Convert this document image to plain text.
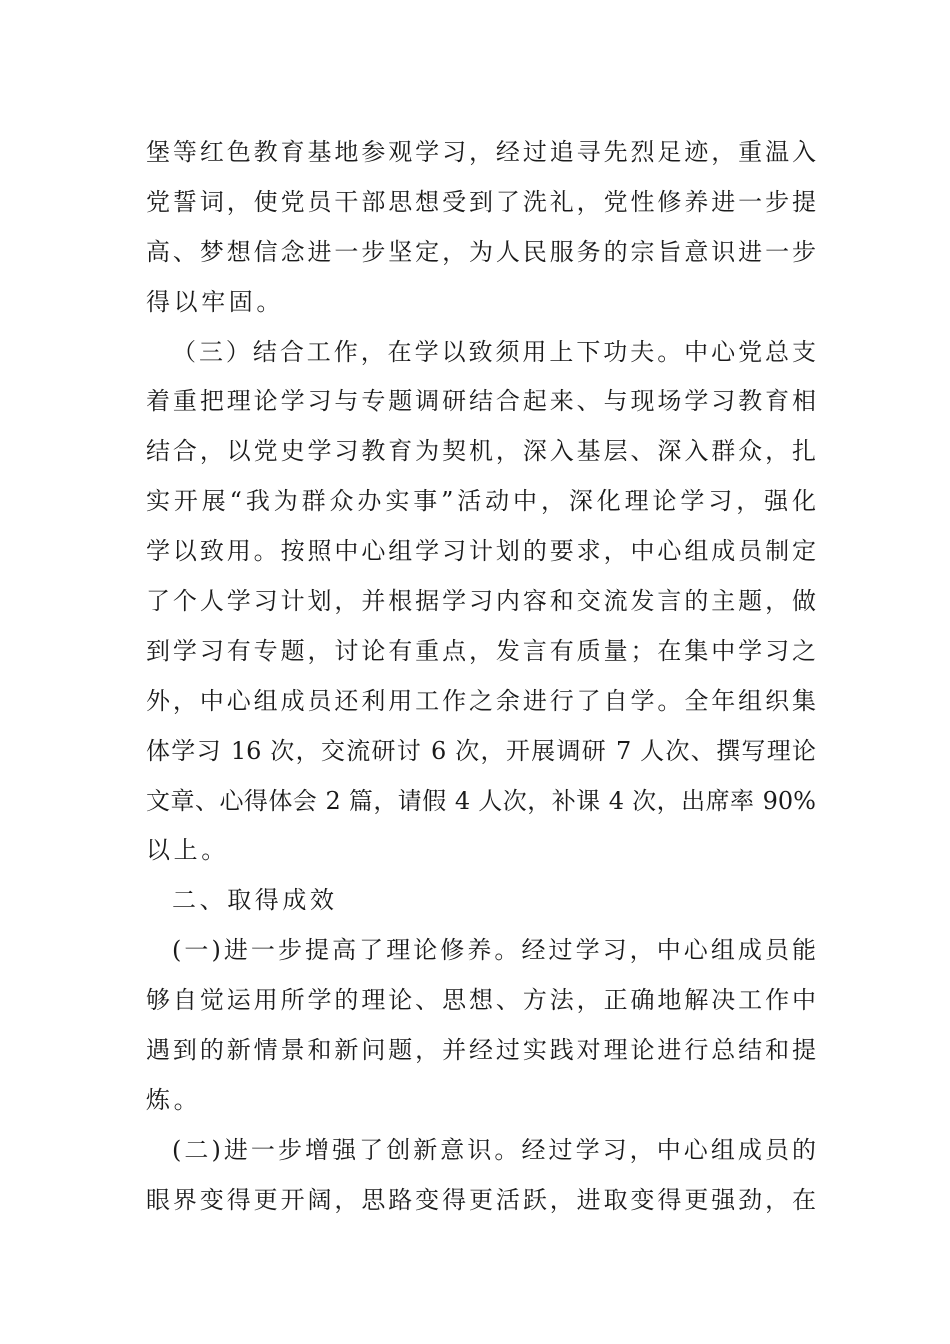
堡等红色教育基地参观学习，经过追寻先烈足迹，重温入
党誓词，使党员干部思想受到了洗礼，党性修养进一步提
高、梦想信念进一步坚定，为人民服务的宗旨意识进一步
得以牢固。
（三）结合工作，在学以致须用上下功夫。中心党总支
着重把理论学习与专题调研结合起来、与现场学习教育相
结合，以党史学习教育为契机，深入基层、深入群众，扎
实开展“我为群众办实事”活动中，深化理论学习，强化
学以致用。按照中心组学习计划的要求，中心组成员制定
了个人学习计划，并根据学习内容和交流发言的主题，做
到学习有专题，讨论有重点，发言有质量；在集中学习之
外，中心组成员还利用工作之余进行了自学。全年组织集
体学习 16 次，交流研讨 6 次，开展调研 7 人次、撰写理论
文章、心得体会 2 篇，请假 4 人次，补课 4 次，出席率 90%
以上。
二、取得成效
(一)进一步提高了理论修养。经过学习，中心组成员能
够自觉运用所学的理论、思想、方法，正确地解决工作中
遇到的新情景和新问题，并经过实践对理论进行总结和提
炼。
(二)进一步增强了创新意识。经过学习，中心组成员的
眼界变得更开阔，思路变得更活跃，进取变得更强劲，在
